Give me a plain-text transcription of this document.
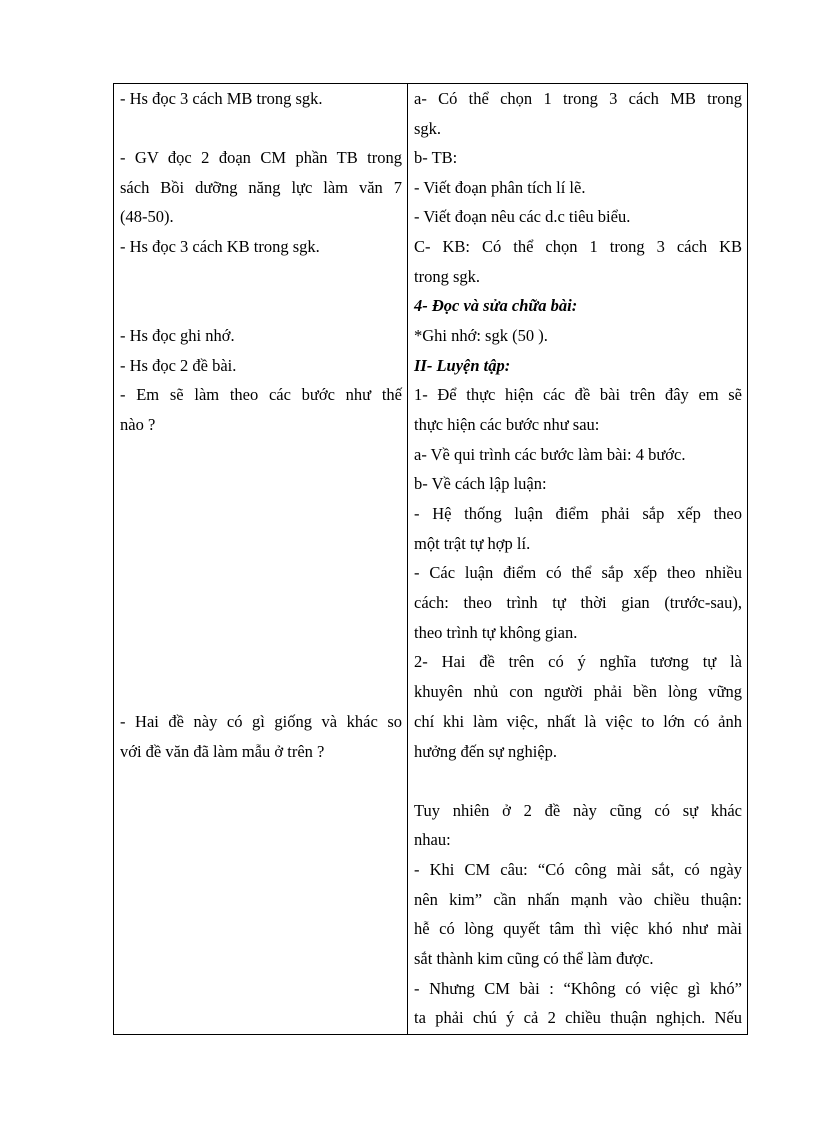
- Hs đọc 3 cách MB trong sgk.
- GV đọc 2 đoạn CM phần TB trong
sách Bồi dưỡng năng lực làm văn 7
(48-50).
- Hs đọc 3 cách KB trong sgk.
- Hs đọc ghi nhớ.
- Hs đọc 2 đề bài.
- Em sẽ làm theo các bước như thế
nào ?
- Hai đề này có gì giống và khác so
với đề văn đã làm mẫu ở trên ?
a- Có thể chọn 1 trong 3 cách MB trong
sgk.
b- TB:
- Viết đoạn phân tích lí lẽ.
- Viết đoạn nêu các d.c tiêu biểu.
C- KB: Có thể chọn 1 trong 3 cách KB
trong sgk.
4- Đọc và sửa chữa bài:
*Ghi nhớ: sgk (50 ).
II- Luyện tập:
1- Để thực hiện các đề bài trên đây em sẽ
thực hiện các bước như sau:
a- Về qui trình các bước làm bài: 4 bước.
b- Về cách lập luận:
- Hệ thống luận điểm phải sắp xếp theo
một trật tự hợp lí.
- Các luận điểm có thể sắp xếp theo nhiều
cách: theo trình tự thời gian (trước-sau),
theo trình tự không gian.
2- Hai đề trên có ý nghĩa tương tự là
khuyên nhủ con người phải bền lòng vững
chí khi làm việc, nhất là việc to lớn có ảnh
hưởng đến sự nghiệp.
Tuy nhiên ở 2 đề này cũng có sự khác
nhau:
- Khi CM câu: “Có công mài sắt, có ngày
nên kim” cần nhấn mạnh vào chiều thuận:
hễ có lòng quyết tâm thì việc khó như mài
sắt thành kim cũng có thể làm được.
- Nhưng CM bài : “Không có việc gì khó”
ta phải chú ý cả 2 chiều thuận nghịch. Nếu
